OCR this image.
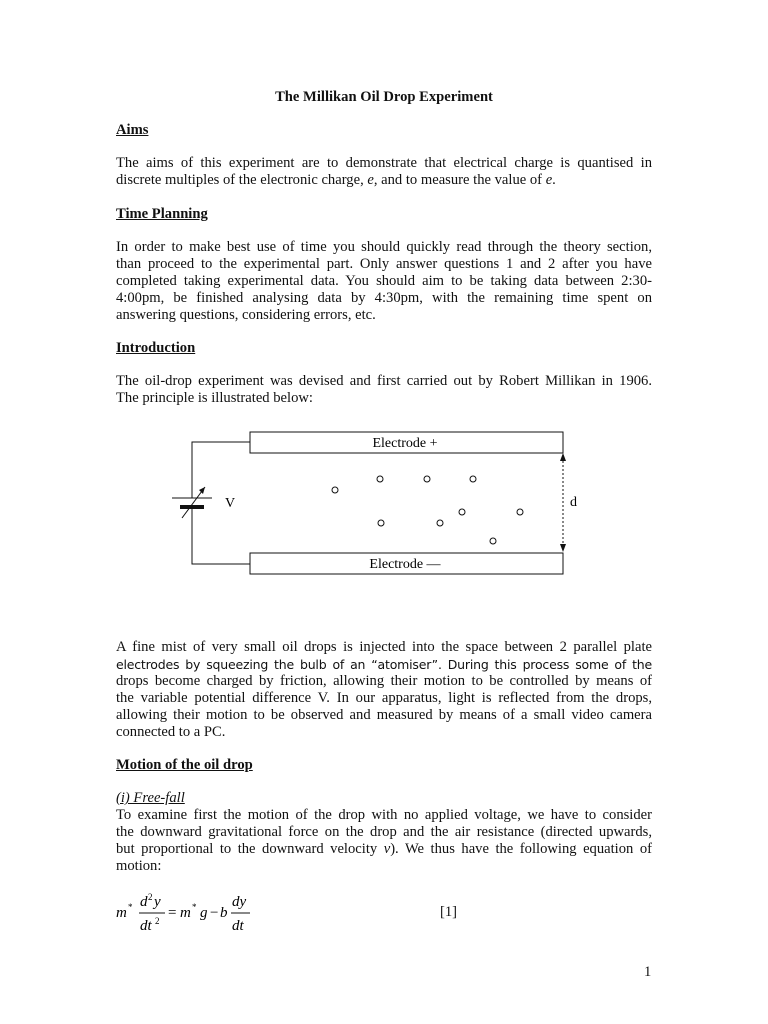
The Millikan Oil Drop Experiment
Aims
The aims of this experiment are to demonstrate that electrical charge is quantised in
discrete multiples of the electronic charge, e, and to measure the value of e.
Time Planning
In order to make best use of time you should quickly read through the theory section,
than proceed to the experimental part. Only answer questions 1 and 2 after you have
completed taking experimental data. You should aim to be taking data between 2:30-
4:00pm, be finished analysing data by 4:30pm, with the remaining time spent on
answering questions, considering errors, etc.
Introduction
The oil-drop experiment was devised and first carried out by Robert Millikan in 1906.
The principle is illustrated below:
Electrode +
Electrode —
V	d
A fine mist of very small oil drops is injected into the space between 2 parallel plate
electrodes by squeezing the bulb of an “atomiser”. During this process some of the
drops become charged by friction, allowing their motion to be controlled by means of
the variable potential difference V. In our apparatus, light is reflected from the drops,
allowing their motion to be observed and measured by means of a small video camera
connected to a PC.
Motion of the oil drop
(i) Free-fall
To examine first the motion of the drop with no applied voltage, we have to consider
the downward gravitational force on the drop and the air resistance (directed upwards,
but proportional to the downward velocity v). We thus have the following equation of
motion:
m * d 2 y
dt 2 = m * g − b
dy
dt
[1]
1
